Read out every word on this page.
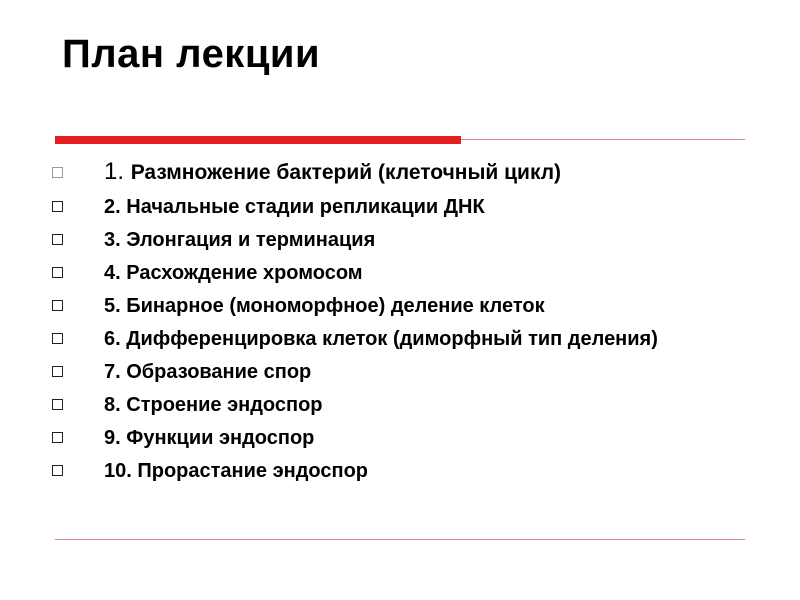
План лекции
1. Размножение бактерий (клеточный цикл)
2. Начальные стадии репликации ДНК
3. Элонгация и терминация
4. Расхождение хромосом
5. Бинарное (мономорфное) деление клеток
6. Дифференцировка клеток (диморфный тип деления)
7. Образование спор
8. Строение эндоспор
9. Функции эндоспор
10. Прорастание эндоспор
